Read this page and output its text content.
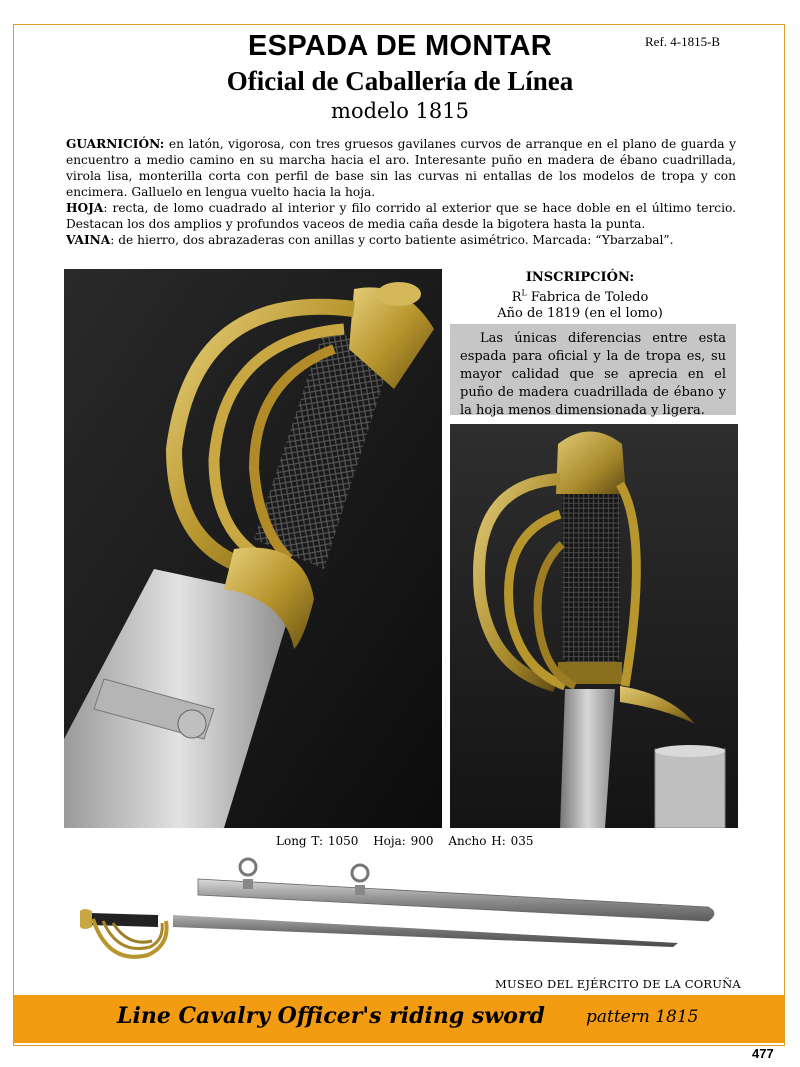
Ref. 4-1815-B
ESPADA DE MONTAR
Oficial de Caballería de Línea
modelo 1815

GUARNICIÓN: en latón, vigorosa, con tres gruesos gavilanes curvos de arranque en el plano de guarda y encuentro a medio camino en su marcha hacia el aro. Interesante puño en madera de ébano cuadrillada, virola lisa, monterilla corta con perfil de base sin las curvas ni entallas de los modelos de tropa y con encimera. Galluelo en lengua vuelto hacia la hoja.

HOJA: recta, de lomo cuadrado al interior y filo corrido al exterior que se hace doble en el último tercio. Destacan los dos amplios y profundos vaceos de media caña desde la bigotera hasta la punta.

VAINA: de hierro, dos abrazaderas con anillas y corto batiente asimétrico. Marcada: “Ybarzabal”.

INSCRIPCIÓN:
$R^L$ Fabrica de Toledo
Año de 1819 (en el lomo)
Las únicas diferencias entre esta espada para oficial y la de tropa es, su mayor calidad que se aprecia en el puño de madera cuadrillada de ébano y la hoja menos dimensionada y ligera.
Long T: 1050 Hoja: 900 Ancho H: 035
MUSEO DEL EJÉRCITO DE LA CORUÑA
Line Cavalry Officer's riding sword pattern 1815
477
